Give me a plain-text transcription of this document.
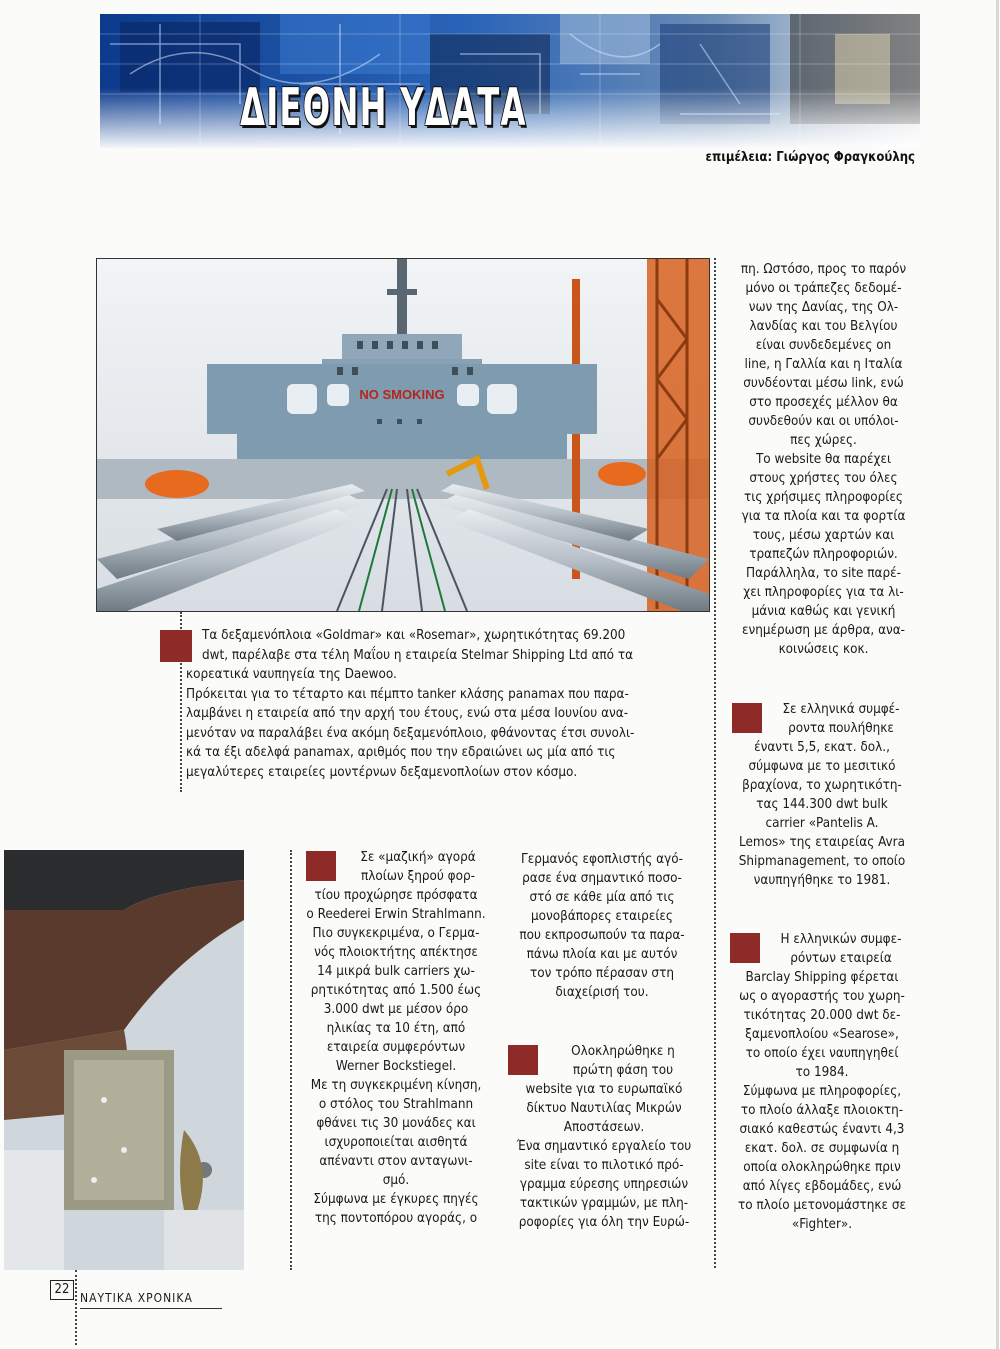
ΔΙΕΘΝΗ ΥΔΑΤΑ
επιμέλεια: Γιώργος Φραγκούλης
NO SMOKING
Τα δεξαμενόπλοια «Goldmar» και «Rosemar», χωρητικότητας 69.200
dwt, παρέλαβε στα τέλη Μαΐου η εταιρεία Stelmar Shipping Ltd από τα
κορεατικά ναυπηγεία της Daewoo.
Πρόκειται για το τέταρτο και πέμπτο tanker κλάσης panamax που παρα-
λαμβάνει η εταιρεία από την αρχή του έτους, ενώ στα μέσα Ιουνίου ανα-
μενόταν να παραλάβει ένα ακόμη δεξαμενόπλοιο, φθάνοντας έτσι συνολι-
κά τα έξι αδελφά panamax, αριθμός που την εδραιώνει ως μία από τις
μεγαλύτερες εταιρείες μοντέρνων δεξαμενοπλοίων στον κόσμο.
πη. Ωστόσο, προς το παρόν
μόνο οι τράπεζες δεδομέ-
νων της Δανίας, της Ολ-
λανδίας και του Βελγίου
είναι συνδεδεμένες on
line, η Γαλλία και η Ιταλία
συνδέονται μέσω link, ενώ
στο προσεχές μέλλον θα
συνδεθούν και οι υπόλοι-
πες χώρες.
Το website θα παρέχει
στους χρήστες του όλες
τις χρήσιμες πληροφορίες
για τα πλοία και τα φορτία
τους, μέσω χαρτών και
τραπεζών πληροφοριών.
Παράλληλα, το site παρέ-
χει πληροφορίες για τα λι-
μάνια καθώς και γενική
ενημέρωση με άρθρα, ανα-
κοινώσεις κοκ.
Σε ελληνικά συμφέ-
ροντα πουλήθηκε
έναντι 5,5, εκατ. δολ.,
σύμφωνα με το μεσιτικό
βραχίονα, το χωρητικότη-
τας 144.300 dwt bulk
carrier «Pantelis A.
Lemos» της εταιρείας Avra
Shipmanagement, το οποίο
ναυπηγήθηκε το 1981.
Η ελληνικών συμφε-
ρόντων εταιρεία
Barclay Shipping φέρεται
ως ο αγοραστής του χωρη-
τικότητας 20.000 dwt δε-
ξαμενοπλοίου «Searose»,
το οποίο έχει ναυπηγηθεί
το 1984.
Σύμφωνα με πληροφορίες,
το πλοίο άλλαξε πλοιοκτη-
σιακό καθεστώς έναντι 4,3
εκατ. δολ. σε συμφωνία η
οποία ολοκληρώθηκε πριν
από λίγες εβδομάδες, ενώ
το πλοίο μετονομάστηκε σε
«Fighter».
Σε «μαζική» αγορά
πλοίων ξηρού φορ-
τίου προχώρησε πρόσφατα
ο Reederei Erwin Strahlmann.
Πιο συγκεκριμένα, ο Γερμα-
νός πλοιοκτήτης απέκτησε
14 μικρά bulk carriers χω-
ρητικότητας από 1.500 έως
3.000 dwt με μέσον όρο
ηλικίας τα 10 έτη, από
εταιρεία συμφερόντων
Werner Bockstiegel.
Με τη συγκεκριμένη κίνηση,
ο στόλος του Strahlmann
φθάνει τις 30 μονάδες και
ισχυροποιείται αισθητά
απέναντι στον ανταγωνι-
σμό.
Σύμφωνα με έγκυρες πηγές
της ποντοπόρου αγοράς, ο
Γερμανός εφοπλιστής αγό-
ρασε ένα σημαντικό ποσο-
στό σε κάθε μία από τις
μονοβάπορες εταιρείες
που εκπροσωπούν τα παρα-
πάνω πλοία και με αυτόν
τον τρόπο πέρασαν στη
διαχείρισή του.
Ολοκληρώθηκε η
πρώτη φάση του
website για το ευρωπαϊκό
δίκτυο Ναυτιλίας Μικρών
Αποστάσεων.
Ένα σημαντικό εργαλείο του
site είναι το πιλοτικό πρό-
γραμμα εύρεσης υπηρεσιών
τακτικών γραμμών, με πλη-
ροφορίες για όλη την Ευρώ-
22
ΝΑΥΤΙΚΑ ΧΡΟΝΙΚΑ
